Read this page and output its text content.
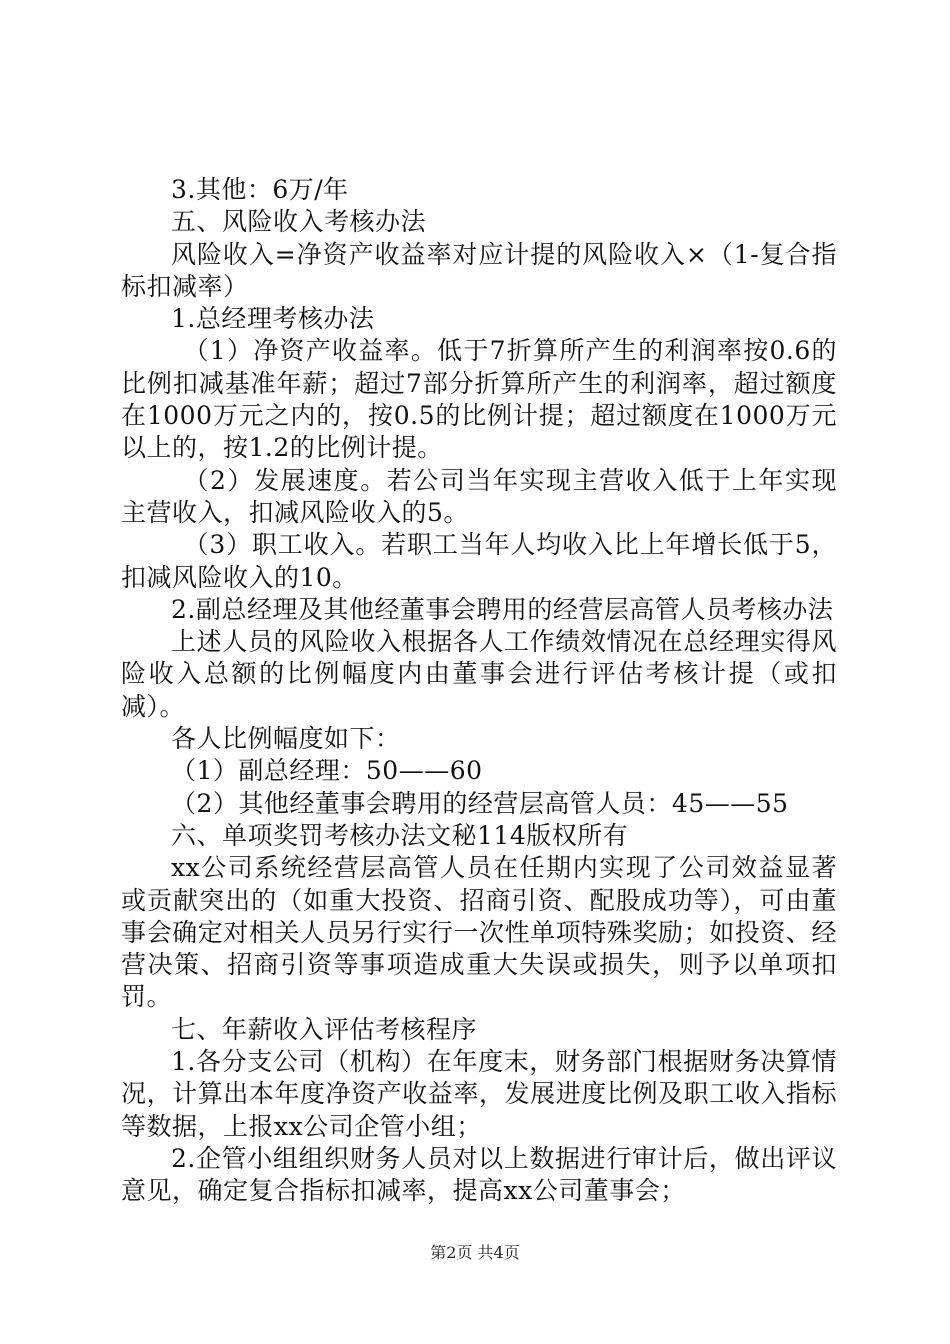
3.其他：6万/年

五、风险收入考核办法

风险收入=净资产收益率对应计提的风险收入×（1-复合指标扣减率）

1.总经理考核办法

（1）净资产收益率。低于7折算所产生的利润率按0.6的比例扣减基准年薪；超过7部分折算所产生的利润率，超过额度在1000万元之内的，按0.5的比例计提；超过额度在1000万元以上的，按1.2的比例计提。

（2）发展速度。若公司当年实现主营收入低于上年实现主营收入，扣减风险收入的5。

（3）职工收入。若职工当年人均收入比上年增长低于5，扣减风险收入的10。

2.副总经理及其他经董事会聘用的经营层高管人员考核办法

上述人员的风险收入根据各人工作绩效情况在总经理实得风险收入总额的比例幅度内由董事会进行评估考核计提（或扣减）。

各人比例幅度如下：

（1）副总经理：50——60

（2）其他经董事会聘用的经营层高管人员：45——55

六、单项奖罚考核办法文秘114版权所有

xx公司系统经营层高管人员在任期内实现了公司效益显著或贡献突出的（如重大投资、招商引资、配股成功等），可由董事会确定对相关人员另行实行一次性单项特殊奖励；如投资、经营决策、招商引资等事项造成重大失误或损失，则予以单项扣罚。

七、年薪收入评估考核程序

1.各分支公司（机构）在年度末，财务部门根据财务决算情况，计算出本年度净资产收益率，发展进度比例及职工收入指标等数据，上报xx公司企管小组；

2.企管小组组织财务人员对以上数据进行审计后，做出评议意见，确定复合指标扣减率，提高xx公司董事会；

第2页 共4页
